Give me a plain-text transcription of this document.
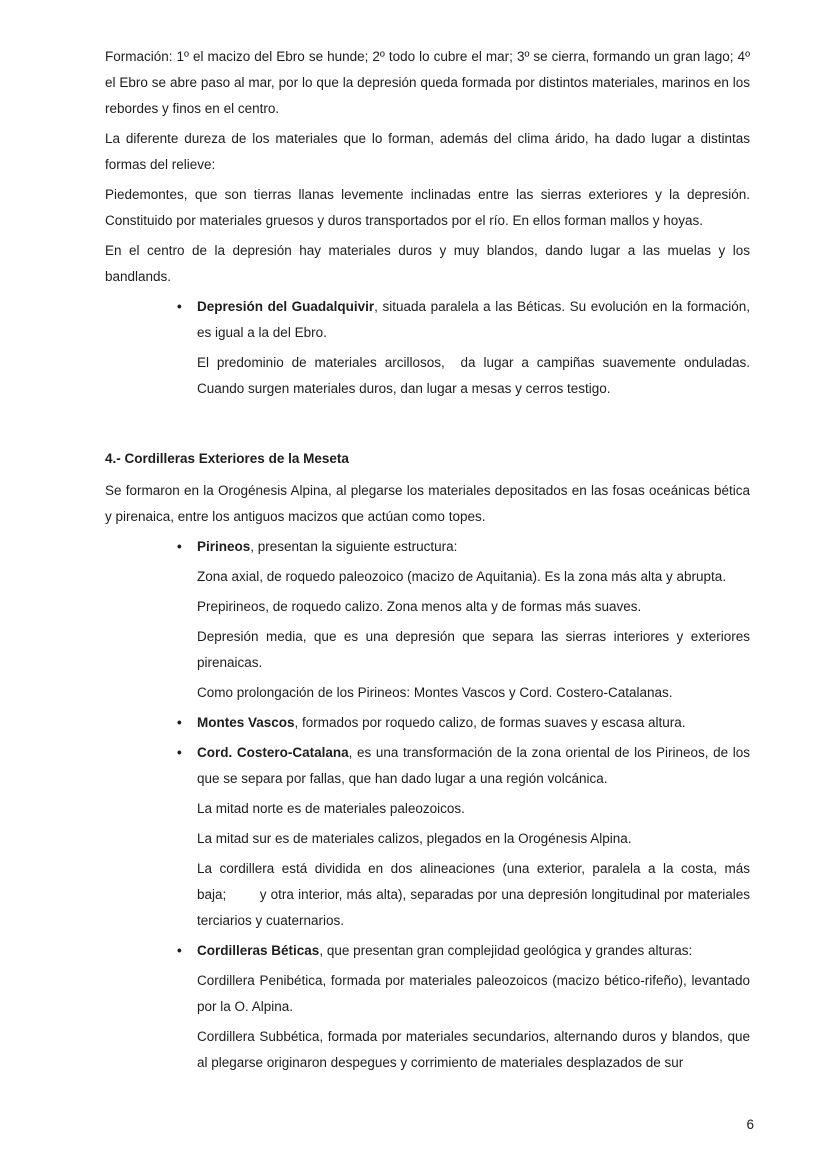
Formación: 1º el macizo del Ebro se hunde; 2º todo lo cubre el mar; 3º se cierra, formando un gran lago; 4º el Ebro se abre paso al mar, por lo que la depresión queda formada por distintos materiales, marinos en los rebordes y finos en el centro.

La diferente dureza de los materiales que lo forman, además del clima árido, ha dado lugar a distintas formas del relieve:

Piedemontes, que son tierras llanas levemente inclinadas entre las sierras exteriores y la depresión. Constituido por materiales gruesos y duros transportados por el río. En ellos forman mallos y hoyas.

En el centro de la depresión hay materiales duros y muy blandos, dando lugar a las muelas y los bandlands.

• Depresión del Guadalquivir, situada paralela a las Béticas. Su evolución en la formación, es igual a la del Ebro.

El predominio de materiales arcillosos,  da lugar a campiñas suavemente onduladas. Cuando surgen materiales duros, dan lugar a mesas y cerros testigo.

4.- Cordilleras Exteriores de la Meseta

Se formaron en la Orogénesis Alpina, al plegarse los materiales depositados en las fosas oceánicas bética y pirenaica, entre los antiguos macizos que actúan como topes.

• Pirineos, presentan la siguiente estructura:

Zona axial, de roquedo paleozoico (macizo de Aquitania). Es la zona más alta y abrupta.

Prepirineos, de roquedo calizo. Zona menos alta y de formas más suaves.

Depresión media, que es una depresión que separa las sierras interiores y exteriores pirenaicas.

Como prolongación de los Pirineos: Montes Vascos y Cord. Costero-Catalanas.

• Montes Vascos, formados por roquedo calizo, de formas suaves y escasa altura.
• Cord. Costero-Catalana, es una transformación de la zona oriental de los Pirineos, de los que se separa por fallas, que han dado lugar a una región volcánica.

La mitad norte es de materiales paleozoicos.

La mitad sur es de materiales calizos, plegados en la Orogénesis Alpina.

La cordillera está dividida en dos alineaciones (una exterior, paralela a la costa, más baja;        y otra interior, más alta), separadas por una depresión longitudinal por materiales terciarios y cuaternarios.

• Cordilleras Béticas, que presentan gran complejidad geológica y grandes alturas:

Cordillera Penibética, formada por materiales paleozoicos (macizo bético-rifeño), levantado por la O. Alpina.

Cordillera Subbética, formada por materiales secundarios, alternando duros y blandos, que al plegarse originaron despegues y corrimiento de materiales desplazados de sur

6
